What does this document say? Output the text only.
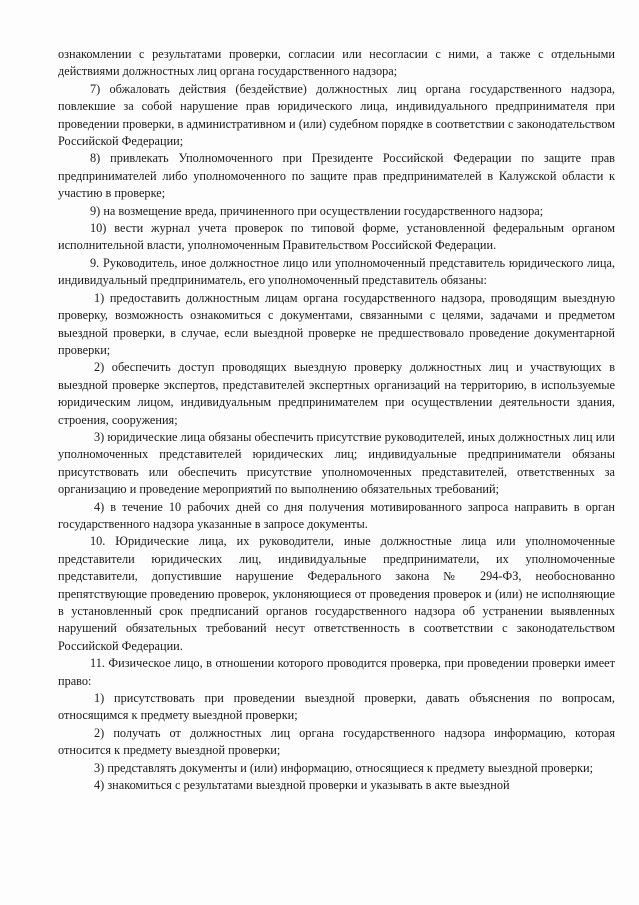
ознакомлении с результатами проверки, согласии или несогласии с ними, а также с отдельными действиями должностных лиц органа государственного надзора;

7) обжаловать действия (бездействие) должностных лиц органа государственного надзора, повлекшие за собой нарушение прав юридического лица, индивидуального предпринимателя при проведении проверки, в административном и (или) судебном порядке в соответствии с законодательством Российской Федерации;

8) привлекать Уполномоченного при Президенте Российской Федерации по защите прав предпринимателей либо уполномоченного по защите прав предпринимателей в Калужской области к участию в проверке;

9) на возмещение вреда, причиненного при осуществлении государственного надзора;

10) вести журнал учета проверок по типовой форме, установленной федеральным органом исполнительной власти, уполномоченным Правительством Российской Федерации.

9. Руководитель, иное должностное лицо или уполномоченный представитель юридического лица, индивидуальный предприниматель, его уполномоченный представитель обязаны:

1) предоставить должностным лицам органа государственного надзора, проводящим выездную проверку, возможность ознакомиться с документами, связанными с целями, задачами и предметом выездной проверки, в случае, если выездной проверке не предшествовало проведение документарной проверки;

2) обеспечить доступ проводящих выездную проверку должностных лиц и участвующих в выездной проверке экспертов, представителей экспертных организаций на территорию, в используемые юридическим лицом, индивидуальным предпринимателем при осуществлении деятельности здания, строения, сооружения;

3) юридические лица обязаны обеспечить присутствие руководителей, иных должностных лиц или уполномоченных представителей юридических лиц; индивидуальные предприниматели обязаны присутствовать или обеспечить присутствие уполномоченных представителей, ответственных за организацию и проведение мероприятий по выполнению обязательных требований;

4) в течение 10 рабочих дней со дня получения мотивированного запроса направить в орган государственного надзора указанные в запросе документы.

10. Юридические лица, их руководители, иные должностные лица или уполномоченные представители юридических лиц, индивидуальные предприниматели, их уполномоченные представители, допустившие нарушение Федерального закона № 294-ФЗ, необоснованно препятствующие проведению проверок, уклоняющиеся от проведения проверок и (или) не исполняющие в установленный срок предписаний органов государственного надзора об устранении выявленных нарушений обязательных требований несут ответственность в соответствии с законодательством Российской Федерации.

11. Физическое лицо, в отношении которого проводится проверка, при проведении проверки имеет право:

1) присутствовать при проведении выездной проверки, давать объяснения по вопросам, относящимся к предмету выездной проверки;

2) получать от должностных лиц органа государственного надзора информацию, которая относится к предмету выездной проверки;

3) представлять документы и (или) информацию, относящиеся к предмету выездной проверки;

4) знакомиться с результатами выездной проверки и указывать в акте выездной
